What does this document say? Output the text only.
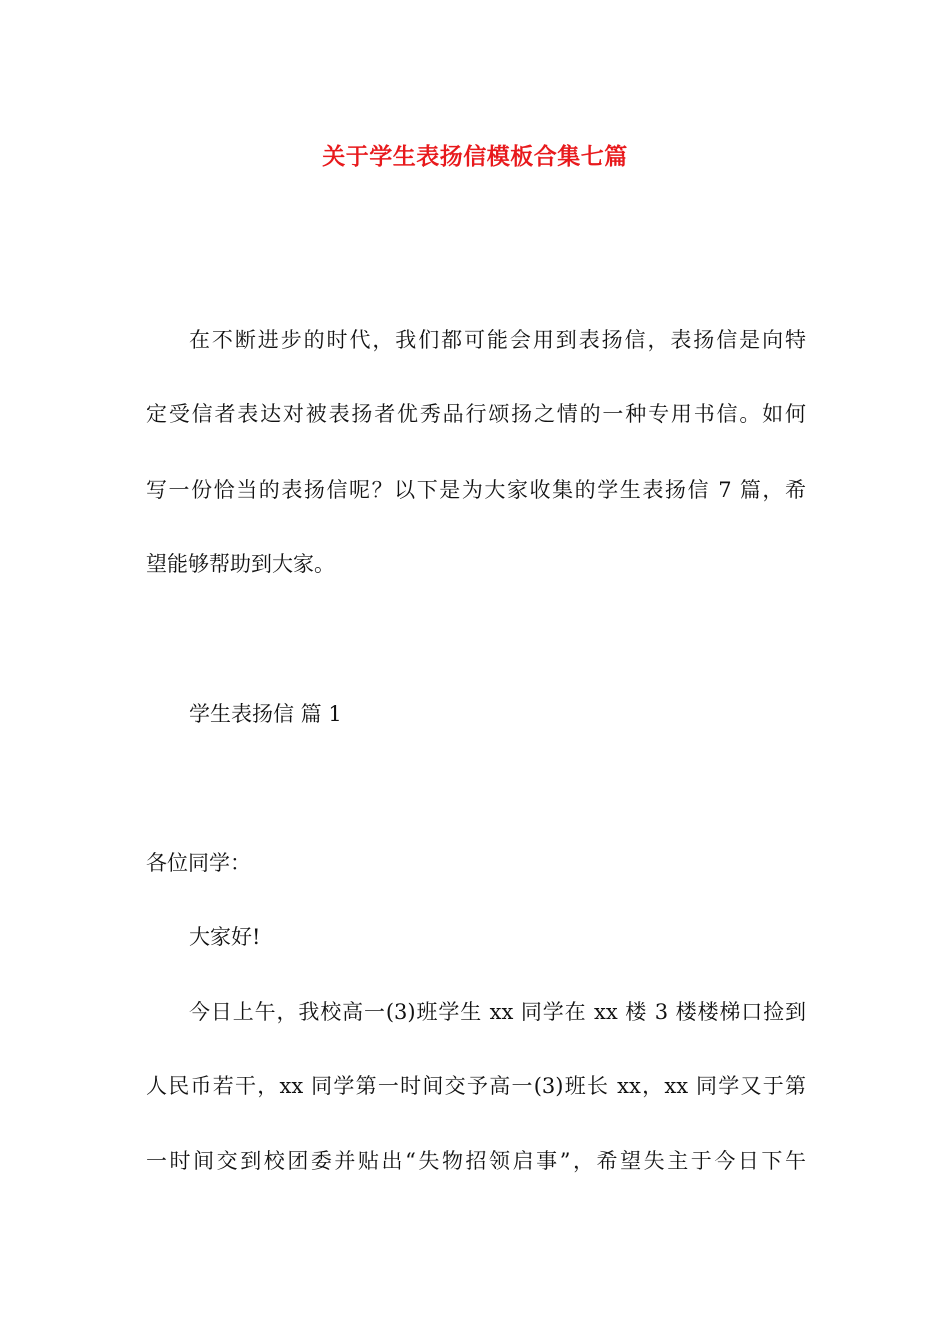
关于学生表扬信模板合集七篇
在不断进步的时代，我们都可能会用到表扬信，表扬信是向特
定受信者表达对被表扬者优秀品行颂扬之情的一种专用书信。如何
写一份恰当的表扬信呢？以下是为大家收集的学生表扬信 7 篇，希
望能够帮助到大家。
学生表扬信 篇 1
各位同学：
大家好!
今日上午，我校高一(3)班学生 xx 同学在 xx 楼 3 楼楼梯口捡到
人民币若干，xx 同学第一时间交予高一(3)班长 xx，xx 同学又于第
一时间交到校团委并贴出“失物招领启事”，希望失主于今日下午
